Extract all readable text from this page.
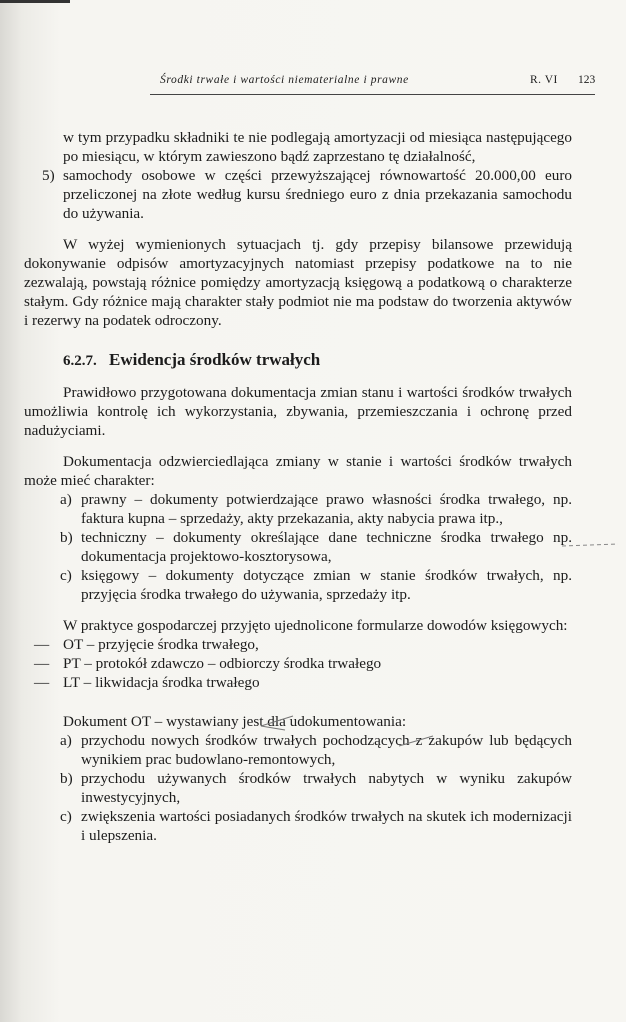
Środki trwałe i wartości niematerialne i prawne	R. VI 123

w tym przypadku składniki te nie podlegają amortyzacji od miesiąca następującego po miesiącu, w którym zawieszono bądź zaprzestano tę działalność,

5) samochody osobowe w części przewyższającej równowartość 20.000,00 euro przeliczonej na złote według kursu średniego euro z dnia przekazania samochodu do używania.

W wyżej wymienionych sytuacjach tj. gdy przepisy bilansowe przewidują dokonywanie odpisów amortyzacyjnych natomiast przepisy podatkowe na to nie zezwalają, powstają różnice pomiędzy amortyzacją księgową a podatkową o charakterze stałym. Gdy różnice mają charakter stały podmiot nie ma podstaw do tworzenia aktywów i rezerwy na podatek odroczony.

6.2.7. Ewidencja środków trwałych

Prawidłowo przygotowana dokumentacja zmian stanu i wartości środków trwałych umożliwia kontrolę ich wykorzystania, zbywania, przemieszczania i ochronę przed nadużyciami.

Dokumentacja odzwierciedlająca zmiany w stanie i wartości środków trwałych może mieć charakter:

a) prawny – dokumenty potwierdzające prawo własności środka trwałego, np. faktura kupna – sprzedaży, akty przekazania, akty nabycia prawa itp.,
b) techniczny – dokumenty określające dane techniczne środka trwałego np. dokumentacja projektowo-kosztorysowa,
c) księgowy – dokumenty dotyczące zmian w stanie środków trwałych, np. przyjęcia środka trwałego do używania, sprzedaży itp.

W praktyce gospodarczej przyjęto ujednolicone formularze dowodów księgowych:

— OT – przyjęcie środka trwałego,
— PT – protokół zdawczo – odbiorczy środka trwałego
— LT – likwidacja środka trwałego

Dokument OT – wystawiany jest dla udokumentowania:

a) przychodu nowych środków trwałych pochodzących z zakupów lub będących wynikiem prac budowlano-remontowych,
b) przychodu używanych środków trwałych nabytych w wyniku zakupów inwestycyjnych,
c) zwiększenia wartości posiadanych środków trwałych na skutek ich modernizacji i ulepszenia.
